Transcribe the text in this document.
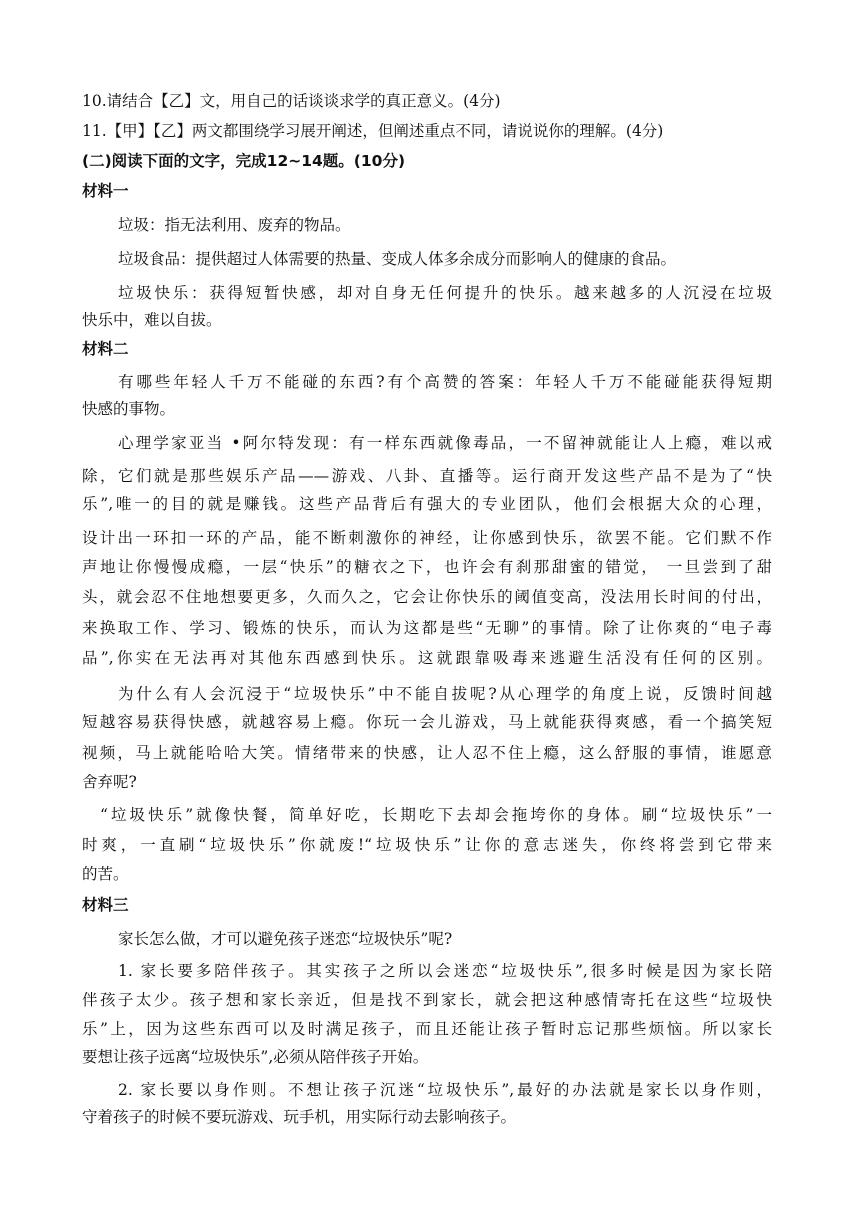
10.请结合【乙】文，用自己的话谈谈求学的真正意义。(4分)
11.【甲】【乙】两文都围绕学习展开阐述，但阐述重点不同，请说说你的理解。(4分)
(二)阅读下面的文字，完成12~14题。(10分)
材料一
垃圾：指无法利用、废弃的物品。
垃圾食品：提供超过人体需要的热量、变成人体多余成分而影响人的健康的食品。
垃圾快乐：获得短暂快感，却对自身无任何提升的快乐。越来越多的人沉浸在垃圾
快乐中，难以自拔。
材料二
有哪些年轻人千万不能碰的东西?有个高赞的答案：年轻人千万不能碰能获得短期
快感的事物。
心理学家亚当 •阿尔特发现：有一样东西就像毒品，一不留神就能让人上瘾，难以戒
除，它们就是那些娱乐产品——游戏、八卦、直播等。运行商开发这些产品不是为了“快
乐”,唯一的目的就是赚钱。这些产品背后有强大的专业团队，他们会根据大众的心理，
设计出一环扣一环的产品，能不断刺激你的神经，让你感到快乐，欲罢不能。它们默不作
声地让你慢慢成瘾，一层“快乐”的糖衣之下，也许会有刹那甜蜜的错觉， 一旦尝到了甜
头，就会忍不住地想要更多，久而久之，它会让你快乐的阈值变高，没法用长时间的付出，
来换取工作、学习、锻炼的快乐，而认为这都是些“无聊”的事情。除了让你爽的“电子毒
品”,你实在无法再对其他东西感到快乐。这就跟靠吸毒来逃避生活没有任何的区别。
为什么有人会沉浸于“垃圾快乐”中不能自拔呢?从心理学的角度上说，反馈时间越
短越容易获得快感，就越容易上瘾。你玩一会儿游戏，马上就能获得爽感，看一个搞笑短
视频，马上就能哈哈大笑。情绪带来的快感，让人忍不住上瘾，这么舒服的事情，谁愿意
舍弃呢?
“垃圾快乐”就像快餐，简单好吃，长期吃下去却会拖垮你的身体。刷“垃圾快乐”一
时爽，一直刷“垃圾快乐”你就废!“垃圾快乐”让你的意志迷失，你终将尝到它带来
的苦。
材料三
家长怎么做，才可以避免孩子迷恋“垃圾快乐”呢?
1. 家长要多陪伴孩子。其实孩子之所以会迷恋“垃圾快乐”,很多时候是因为家长陪
伴孩子太少。孩子想和家长亲近，但是找不到家长，就会把这种感情寄托在这些“垃圾快
乐”上，因为这些东西可以及时满足孩子，而且还能让孩子暂时忘记那些烦恼。所以家长
要想让孩子远离“垃圾快乐”,必须从陪伴孩子开始。
2. 家长要以身作则。不想让孩子沉迷“垃圾快乐”,最好的办法就是家长以身作则，
守着孩子的时候不要玩游戏、玩手机，用实际行动去影响孩子。
